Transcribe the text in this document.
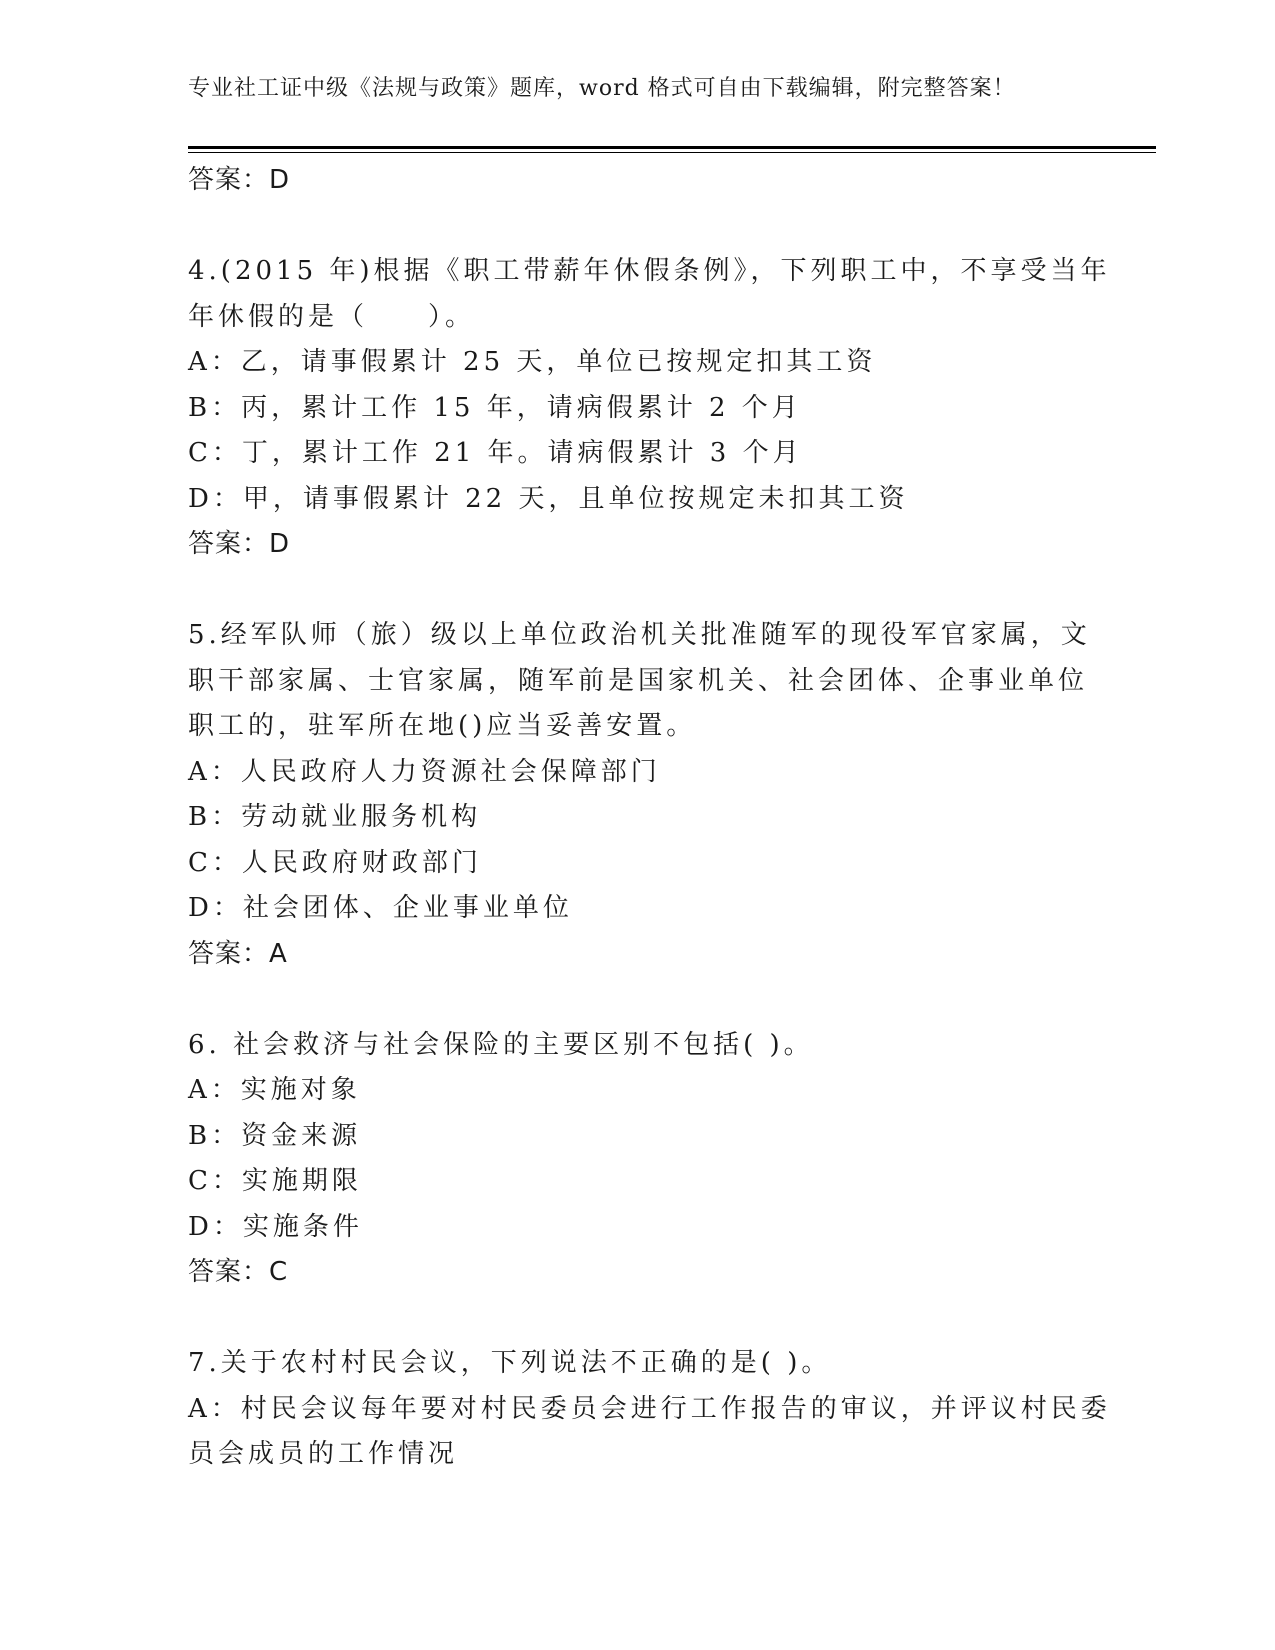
专业社工证中级《法规与政策》题库，word 格式可自由下载编辑，附完整答案！
答案：D
4.(2015 年)根据《职工带薪年休假条例》，下列职工中，不享受当年
年休假的是（　　）。
A：乙，请事假累计 25 天，单位已按规定扣其工资
B：丙，累计工作 15 年，请病假累计 2 个月
C：丁，累计工作 21 年。请病假累计 3 个月
D：甲，请事假累计 22 天，且单位按规定未扣其工资
答案：D
5.经军队师（旅）级以上单位政治机关批准随军的现役军官家属，文
职干部家属、士官家属，随军前是国家机关、社会团体、企事业单位
职工的，驻军所在地()应当妥善安置。
A：人民政府人力资源社会保障部门
B：劳动就业服务机构
C：人民政府财政部门
D：社会团体、企业事业单位
答案：A
6. 社会救济与社会保险的主要区别不包括( )。
A：实施对象
B：资金来源
C：实施期限
D：实施条件
答案：C
7.关于农村村民会议，下列说法不正确的是( )。
A：村民会议每年要对村民委员会进行工作报告的审议，并评议村民委
员会成员的工作情况
